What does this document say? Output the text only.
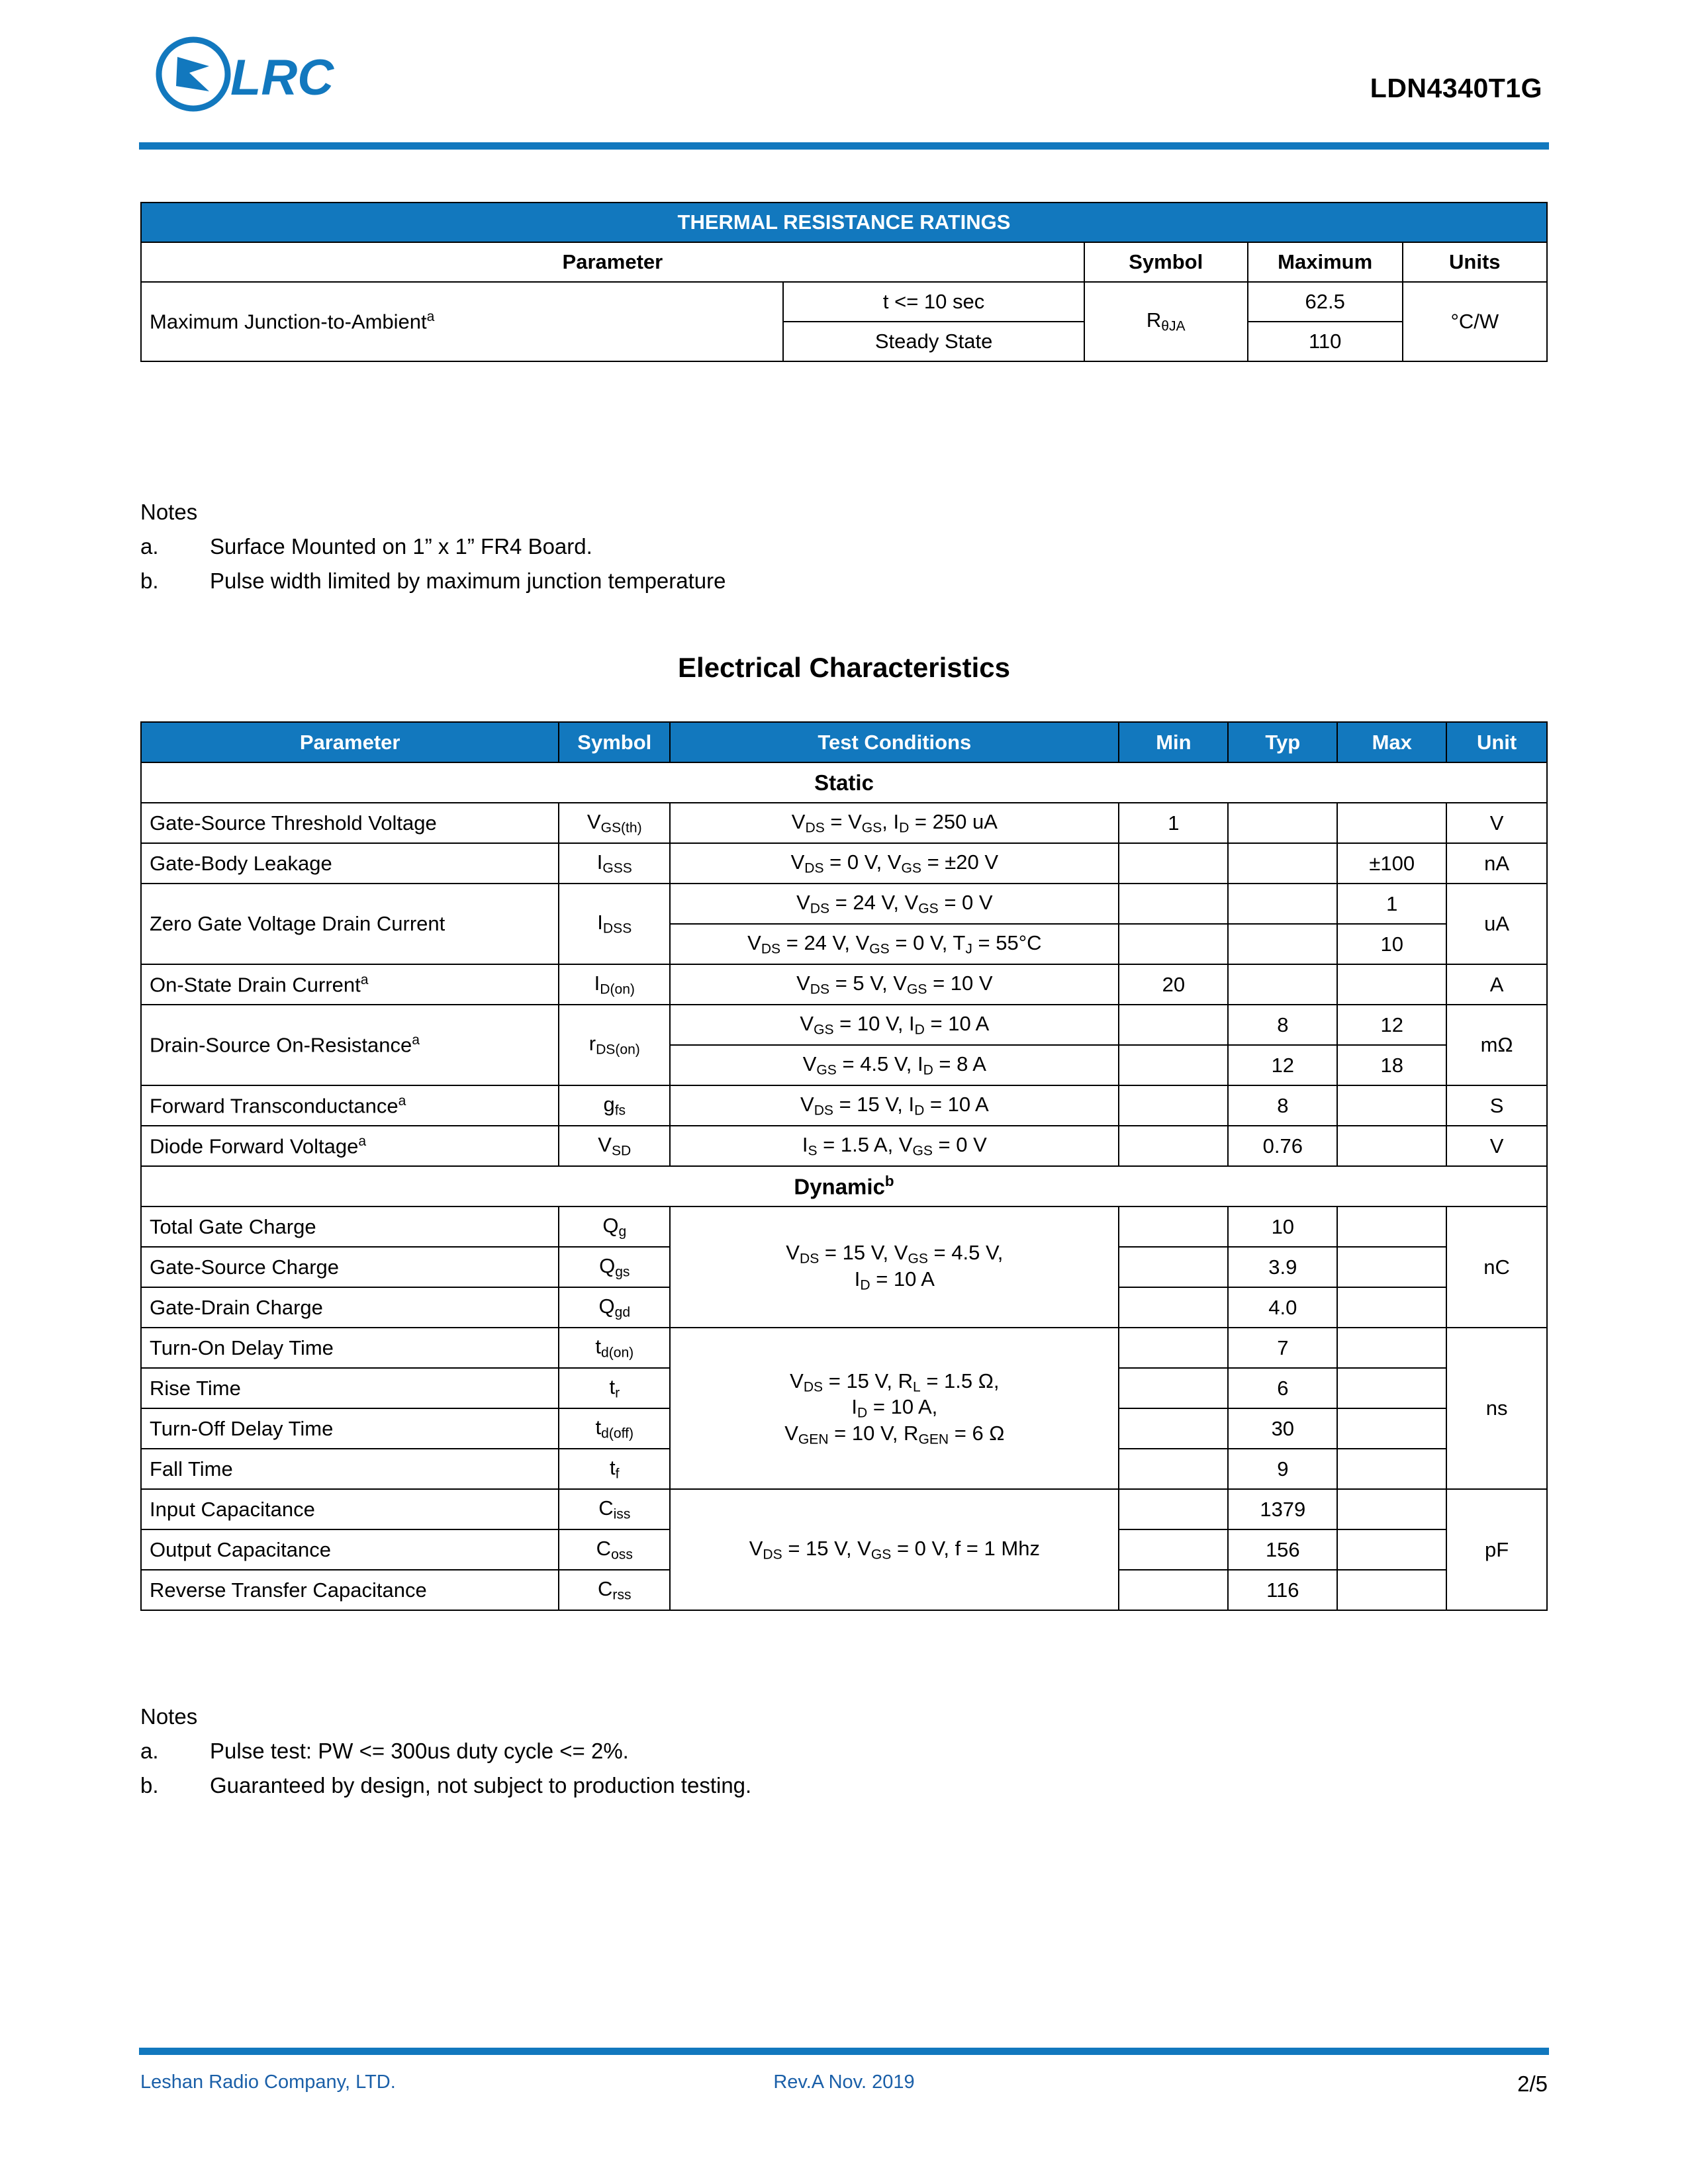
LRC	LDN4340T1G
THERMAL RESISTANCE RATINGS				
Parameter		Symbol	Maximum	Units
Maximum Junction-to-Ambient$^a$	t <= 10 sec	$R_{\theta JA}$	62.5	°C/W
	Steady State		110	
Notes
a.	Surface Mounted on 1” x 1” FR4 Board.
b.	Pulse width limited by maximum junction temperature
Electrical Characteristics
Parameter	Symbol	Test Conditions	Min	Typ	Max	Unit
Static						
Gate-Source Threshold Voltage	$V_{GS(th)}$	$V_{DS} = V_{GS}$, $I_D = 250$ uA	1			V
Gate-Body Leakage	$I_{GSS}$	$V_{DS} = 0$ V, $V_{GS} = \pm 20$ V			±100	nA
Zero Gate Voltage Drain Current	$I_{DSS}$	$V_{DS} = 24$ V, $V_{GS} = 0$ V			1	uA
		$V_{DS} = 24$ V, $V_{GS} = 0$ V, $T_J = 55^\circ C$			10	
On-State Drain Current$^a$	$I_{D(on)}$	$V_{DS} = 5$ V, $V_{GS} = 10$ V	20			A
Drain-Source On-Resistance$^a$	$r_{DS(on)}$	$V_{GS} = 10$ V, $I_D = 10$ A		8	12	mΩ
		$V_{GS} = 4.5$ V, $I_D = 8$ A		12	18	
Forward Transconductance$^a$	$g_{fs}$	$V_{DS} = 15$ V, $I_D = 10$ A		8		S
Diode Forward Voltage$^a$	$V_{SD}$	$I_S = 1.5$ A, $V_{GS} = 0$ V		0.76		V
Dynamic$^b$
Total Gate Charge	$Q_g$	$V_{DS} = 15$ V, $V_{GS} = 4.5$ V,
$I_D = 10$ A		10		nC
Gate-Source Charge	$Q_{gs}$			3.9		
Gate-Drain Charge	$Q_{gd}$			4.0		
Turn-On Delay Time	$t_{d(on)}$	$V_{DS} = 15$ V, $R_L = 1.5$ Ω,
$I_D = 10$ A,
$V_{GEN} = 10$ V, $R_{GEN} = 6$ Ω		7		ns
Rise Time	$t_r$			6		
Turn-Off Delay Time	$t_{d(off)}$			30		
Fall Time	$t_f$			9		
Input Capacitance	$C_{iss}$	$V_{DS} = 15$ V, $V_{GS} = 0$ V, f = 1 Mhz		1379		pF
Output Capacitance	$C_{oss}$			156		
Reverse Transfer Capacitance	$C_{rss}$			116		
Notes
a.	Pulse test: PW <= 300us duty cycle <= 2%.
b.	Guaranteed by design, not subject to production testing.
Leshan Radio Company, LTD.	Rev.A Nov. 2019	2/5
